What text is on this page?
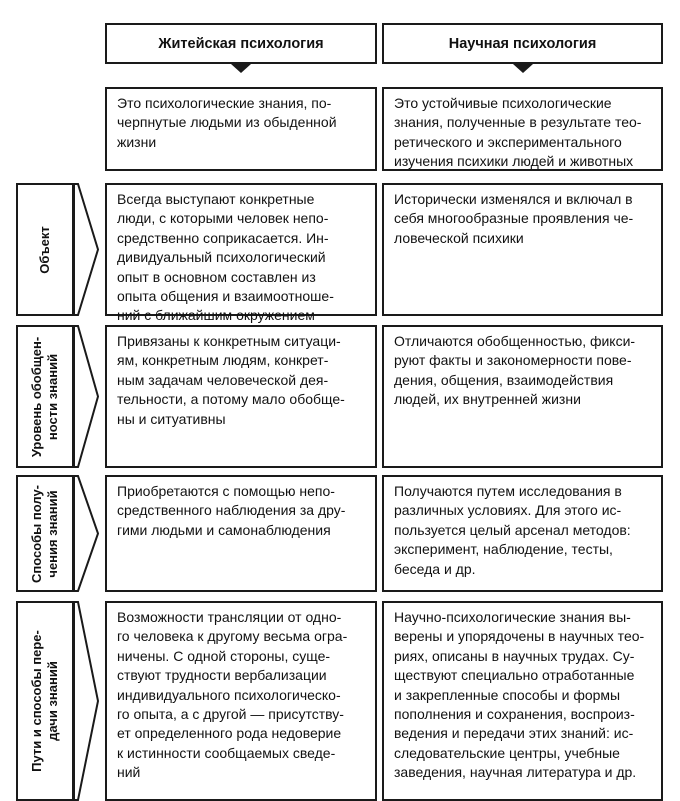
Житейская психология	Научная психология
Это психологические знания, по-
черпнутые людьми из обыденной
жизни
Это устойчивые психологические
знания, полученные в результате тео-
ретического и экспериментального
изучения психики людей и животных
Объект
Всегда выступают конкретные
люди, с которыми человек непо-
средственно соприкасается. Ин-
дивидуальный психологический
опыт в основном составлен из
опыта общения и взаимоотноше-
ний с ближайшим окружением
Исторически изменялся и включал в
себя многообразные проявления че-
ловеческой психики
Уровень обобщен- ности знаний
Привязаны к конкретным ситуаци-
ям, конкретным людям, конкрет-
ным задачам человеческой дея-
тельности, а потому мало обобще-
ны и ситуативны
Отличаются обобщенностью, фикси-
руют факты и закономерности пове-
дения, общения, взаимодействия
людей, их внутренней жизни
Способы полу- чения знаний	Приобретаются с помощью непо-
средственного наблюдения за дру-
гими людьми и самонаблюдения
Получаются путем исследования в
различных условиях. Для этого ис-
пользуется целый арсенал методов:
эксперимент, наблюдение, тесты,
беседа и др.
Пути и способы пере- дачи знаний
Возможности трансляции от одно-
го человека к другому весьма огра-
ничены. С одной стороны, суще-
ствуют трудности вербализации
индивидуального психологическо-
го опыта, а с другой — присутству-
ет определенного рода недоверие
к истинности сообщаемых сведе-
ний
Научно-психологические знания вы-
верены и упорядочены в научных тео-
риях, описаны в научных трудах. Су-
ществуют специально отработанные
и закрепленные способы и формы
пополнения и сохранения, воспроиз-
ведения и передачи этих знаний: ис-
следовательские центры, учебные
заведения, научная литература и др.
